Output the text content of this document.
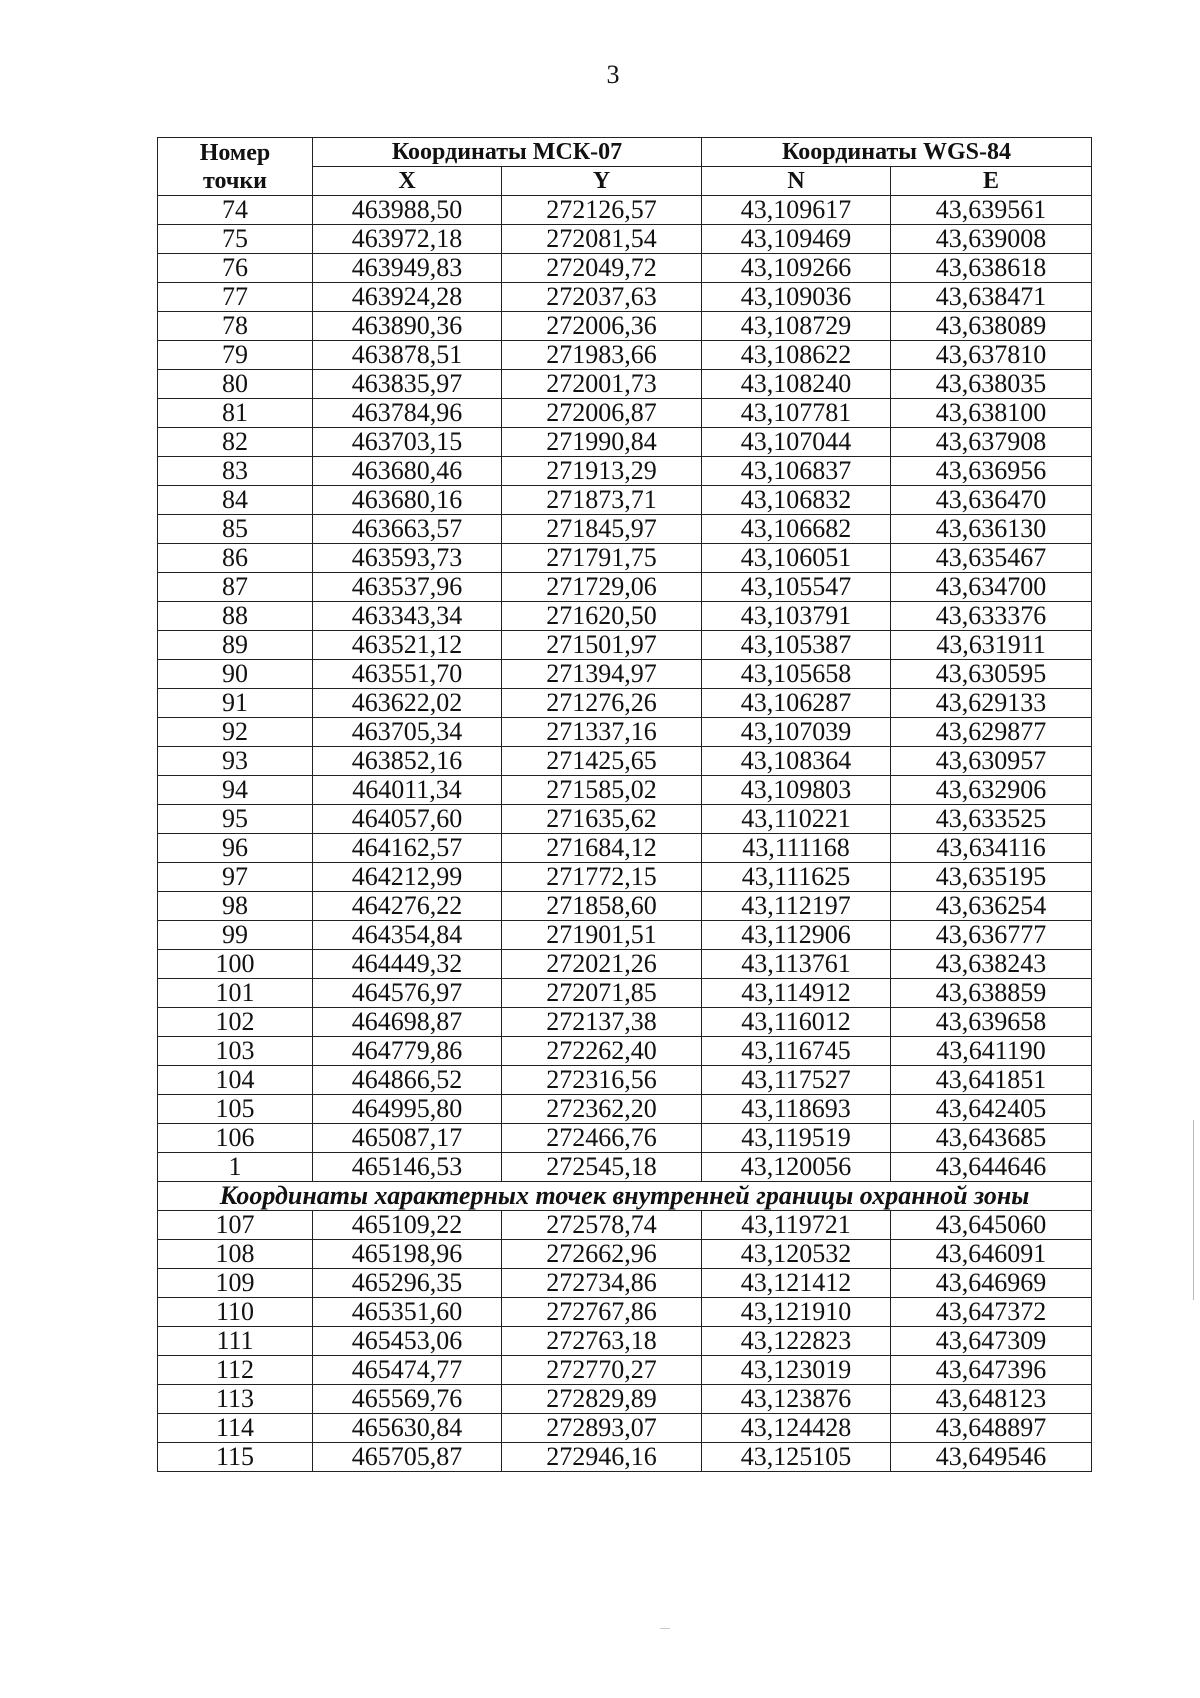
3
Номер
точки	Координаты МСК-07		Координаты WGS-84	
	X	Y	N	E
74	463988,50	272126,57	43,109617	43,639561
75	463972,18	272081,54	43,109469	43,639008
76	463949,83	272049,72	43,109266	43,638618
77	463924,28	272037,63	43,109036	43,638471
78	463890,36	272006,36	43,108729	43,638089
79	463878,51	271983,66	43,108622	43,637810
80	463835,97	272001,73	43,108240	43,638035
81	463784,96	272006,87	43,107781	43,638100
82	463703,15	271990,84	43,107044	43,637908
83	463680,46	271913,29	43,106837	43,636956
84	463680,16	271873,71	43,106832	43,636470
85	463663,57	271845,97	43,106682	43,636130
86	463593,73	271791,75	43,106051	43,635467
87	463537,96	271729,06	43,105547	43,634700
88	463343,34	271620,50	43,103791	43,633376
89	463521,12	271501,97	43,105387	43,631911
90	463551,70	271394,97	43,105658	43,630595
91	463622,02	271276,26	43,106287	43,629133
92	463705,34	271337,16	43,107039	43,629877
93	463852,16	271425,65	43,108364	43,630957
94	464011,34	271585,02	43,109803	43,632906
95	464057,60	271635,62	43,110221	43,633525
96	464162,57	271684,12	43,111168	43,634116
97	464212,99	271772,15	43,111625	43,635195
98	464276,22	271858,60	43,112197	43,636254
99	464354,84	271901,51	43,112906	43,636777
100	464449,32	272021,26	43,113761	43,638243
101	464576,97	272071,85	43,114912	43,638859
102	464698,87	272137,38	43,116012	43,639658
103	464779,86	272262,40	43,116745	43,641190
104	464866,52	272316,56	43,117527	43,641851
105	464995,80	272362,20	43,118693	43,642405
106	465087,17	272466,76	43,119519	43,643685
1	465146,53	272545,18	43,120056	43,644646
Координаты характерных точек внутренней границы охранной зоны				
107	465109,22	272578,74	43,119721	43,645060
108	465198,96	272662,96	43,120532	43,646091
109	465296,35	272734,86	43,121412	43,646969
110	465351,60	272767,86	43,121910	43,647372
111	465453,06	272763,18	43,122823	43,647309
112	465474,77	272770,27	43,123019	43,647396
113	465569,76	272829,89	43,123876	43,648123
114	465630,84	272893,07	43,124428	43,648897
115	465705,87	272946,16	43,125105	43,649546
